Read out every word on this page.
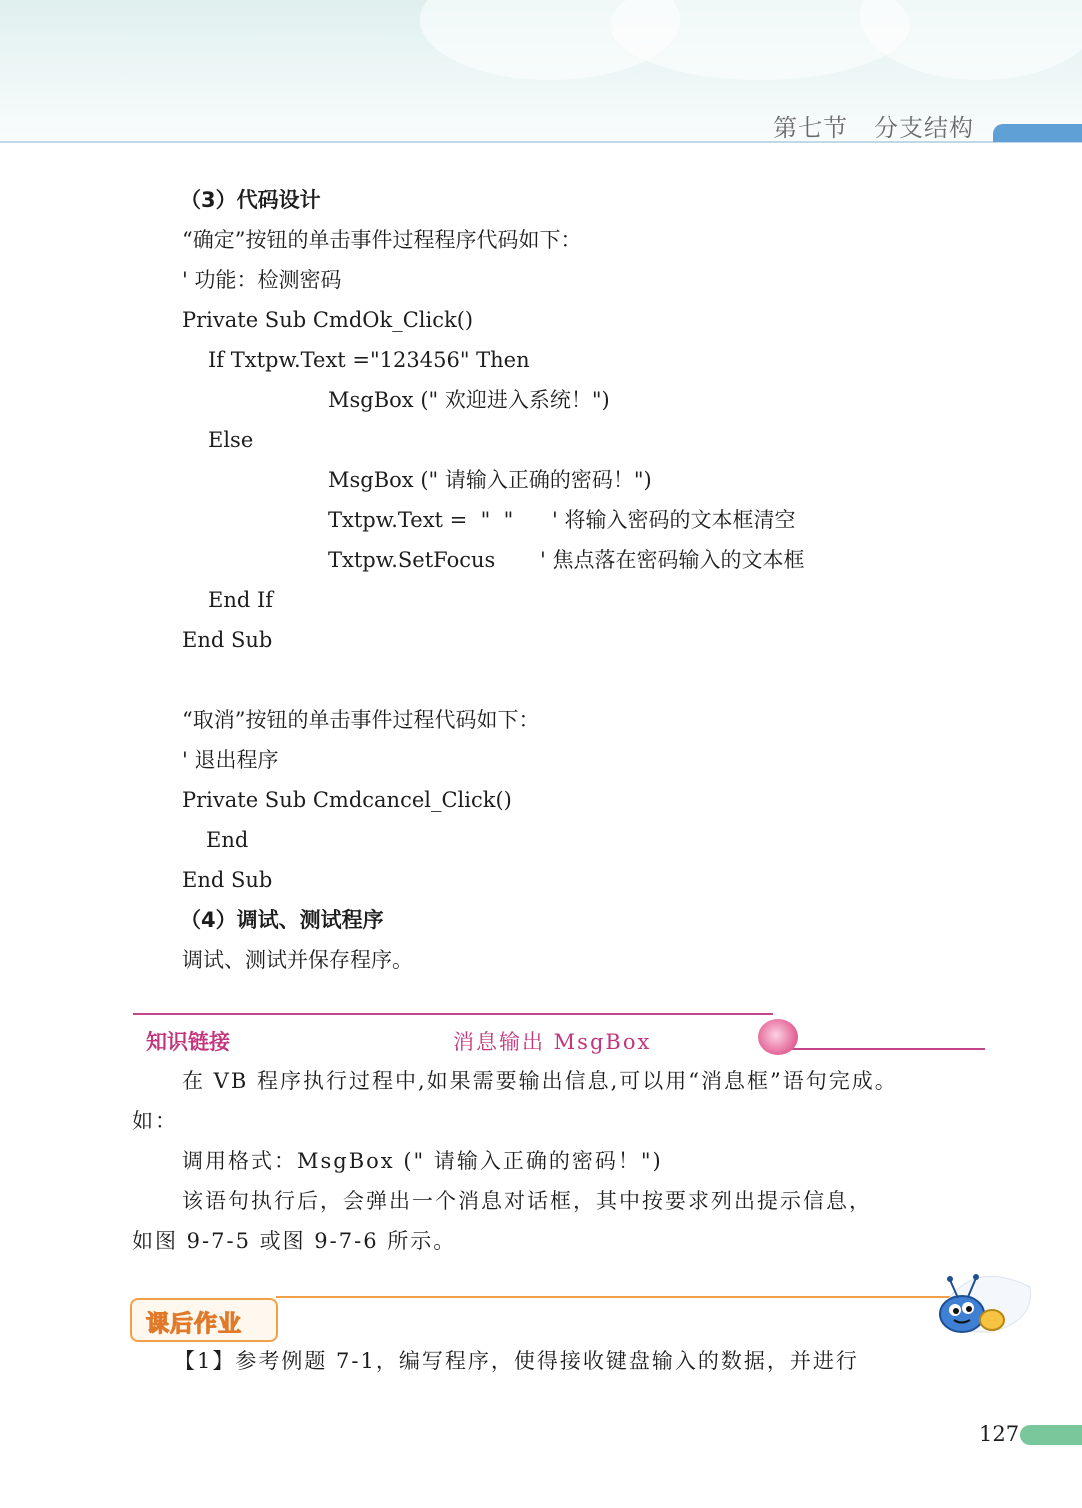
第七节   分支结构
（3）代码设计
“确定”按钮的单击事件过程程序代码如下：
' 功能：检测密码
Private Sub CmdOk_Click()
If Txtpw.Text ="123456" Then
MsgBox (" 欢迎进入系统！")
Else
MsgBox (" 请输入正确的密码！")
Txtpw.Text =  "  " ' 将输入密码的文本框清空
Txtpw.SetFocus ' 焦点落在密码输入的文本框
End If
End Sub
“取消”按钮的单击事件过程代码如下：
' 退出程序
Private Sub Cmdcancel_Click()
End
End Sub
（4）调试、测试程序
调试、测试并保存程序。
知识链接	消息输出 MsgBox
在 VB 程序执行过程中,如果需要输出信息,可以用“消息框”语句完成。
如：
调用格式：MsgBox (" 请输入正确的密码！")
该语句执行后，会弹出一个消息对话框，其中按要求列出提示信息，
如图 9-7-5 或图 9-7-6 所示。
课后作业
【1】参考例题 7-1，编写程序，使得接收键盘输入的数据，并进行
127
